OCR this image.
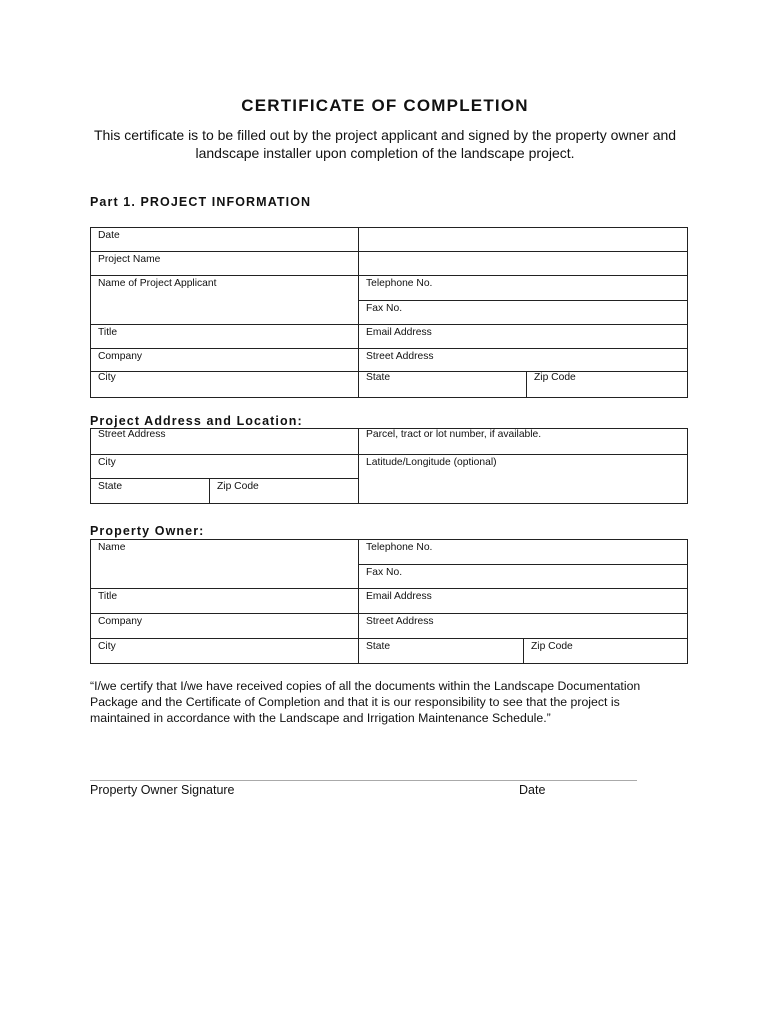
CERTIFICATE OF COMPLETION
This certificate is to be filled out by the project applicant and signed by the property owner and landscape installer upon completion of the landscape project.
Part 1. PROJECT INFORMATION
Date		
Project Name		
Name of Project Applicant	Telephone No.	
	Fax No.	
Title	Email Address	
Company	Street Address	
City	State	Zip Code
Project Address and Location:
Street Address		Parcel, tract or lot number, if available.
City		Latitude/Longitude (optional)
State	Zip Code	
Property Owner:
Name	Telephone No.	
	Fax No.	
Title	Email Address	
Company	Street Address	
City	State	Zip Code
“I/we certify that I/we have received copies of all the documents within the Landscape Documentation Package and the Certificate of Completion and that it is our responsibility to see that the project is maintained in accordance with the Landscape and Irrigation Maintenance Schedule.”
Property Owner Signature	Date
